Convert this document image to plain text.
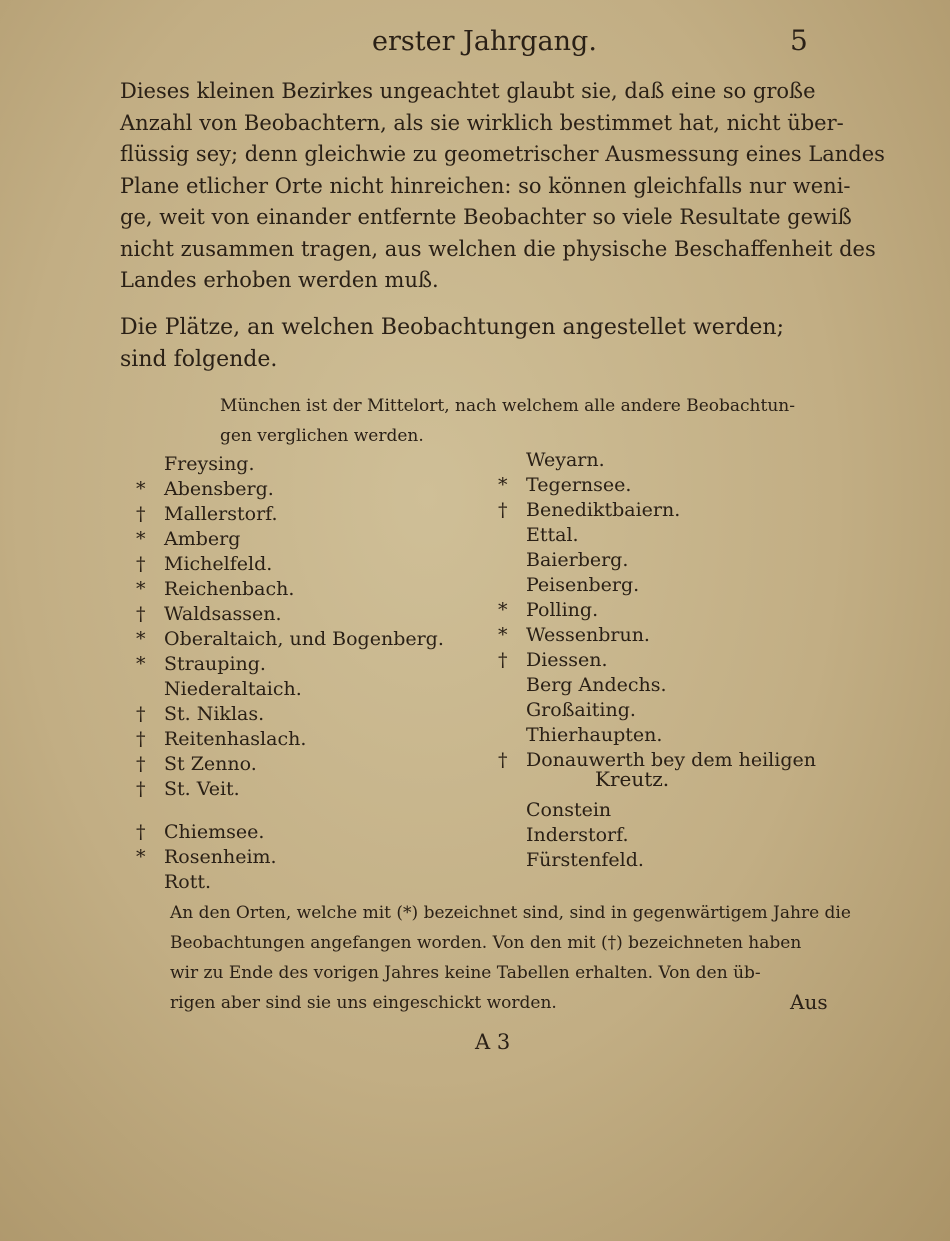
erster Jahrgang.	5
Dieses kleinen Bezirkes ungeachtet glaubt sie, daß eine so große
Anzahl von Beobachtern, als sie wirklich bestimmet hat, nicht über-
flüssig sey; denn gleichwie zu geometrischer Ausmessung eines Landes
Plane etlicher Orte nicht hinreichen: so können gleichfalls nur weni-
ge, weit von einander entfernte Beobachter so viele Resultate gewiß
nicht zusammen tragen, aus welchen die physische Beschaffenheit des
Landes erhoben werden muß.
Die Plätze, an welchen Beobachtungen angestellet werden;
sind folgende.
München ist der Mittelort, nach welchem alle andere Beobachtun-
gen verglichen werden.
Freysing.
* Abensberg.
† Mallerstorf.
* Amberg
† Michelfeld.
* Reichenbach.
† Waldsassen.
* Oberaltaich, und Bogenberg.
* Strauping.
Niederaltaich.
† St. Niklas.
† Reitenhaslach.
† St Zenno.
† St. Veit.
† Chiemsee.
* Rosenheim.
Rott.
Weyarn.
* Tegernsee.
† Benediktbaiern.
Ettal.
Baierberg.
Peisenberg.
* Polling.
* Wessenbrun.
† Diessen.
Berg Andechs.
Großaiting.
Thierhaupten.
† Donauwerth bey dem heiligen
Constein
Inderstorf.
Fürstenfeld.
Kreutz.
An den Orten, welche mit (*) bezeichnet sind, sind in gegenwärtigem Jahre die
Beobachtungen angefangen worden. Von den mit (†) bezeichneten haben
wir zu Ende des vorigen Jahres keine Tabellen erhalten. Von den üb-
rigen aber sind sie uns eingeschickt worden.
A 3
Aus
